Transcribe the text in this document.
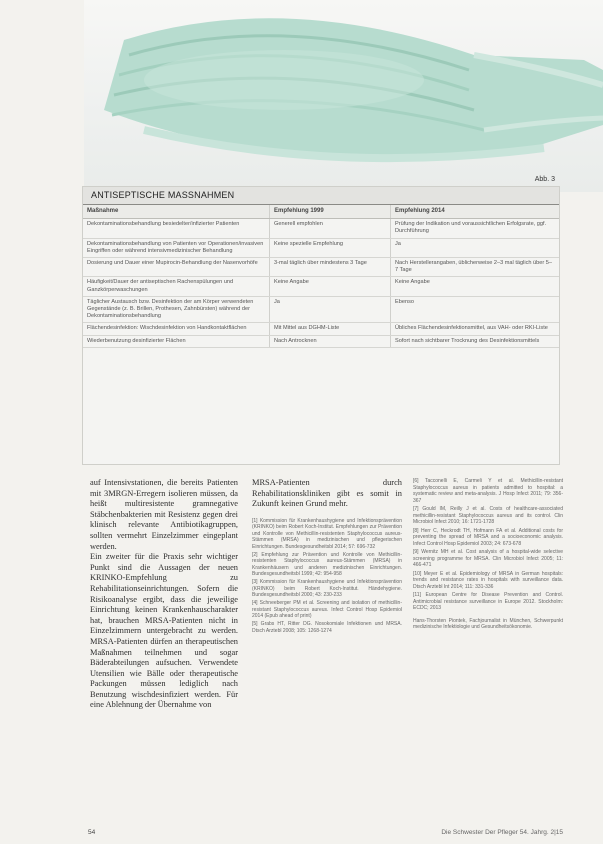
Abb. 3
ANTISEPTISCHE MASSNAHMEN
Maßnahme	Empfehlung 1999	Empfehlung 2014
Dekontaminationsbehandlung besiedelter/infizierter Patienten	Generell empfohlen	Prüfung der Indikation und voraussichtlichen Erfolgsrate, ggf. Durchführung
Dekontaminationsbehandlung von Patienten vor Operationen/invasiven Eingriffen oder während intensivmedizinischer Behandlung	Keine spezielle Empfehlung	Ja
Dosierung und Dauer einer Mupirocin-Behandlung der Nasenvorhöfe	3-mal täglich über mindestens 3 Tage	Nach Herstellerangaben, üblicherweise 2–3 mal täglich über 5–7 Tage
Häufigkeit/Dauer der antiseptischen Rachenspülungen und Ganzkörperwaschungen	Keine Angabe	Keine Angabe
Täglicher Austausch bzw. Desinfektion der am Körper verwendeten Gegenstände (z. B. Brillen, Prothesen, Zahnbürsten) während der Dekontaminationsbehandlung	Ja	Ebenso
Flächendesinfektion: Wischdesinfektion von Handkontaktflächen	Mit Mittel aus DGHM-Liste	Übliches Flächendesinfektionsmittel, aus VAH- oder RKI-Liste
Wiederbenutzung desinfizierter Flächen	Nach Antrocknen	Sofort nach sichtbarer Trocknung des Desinfektionsmittels
auf Intensivstationen, die bereits Patienten mit 3MRGN-Erregern isolieren müssen, da heißt multiresistente gramnegative Stäbchenbakterien mit Resistenz gegen drei klinisch relevante Antibiotikagruppen, sollten vermehrt Einzelzimmer eingeplant werden.
Ein zweiter für die Praxis sehr wichtiger Punkt sind die Aussagen der neuen KRINKO-Empfehlung zu Rehabilitationseinrichtungen. Sofern die Risikoanalyse ergibt, dass die jeweilige Einrichtung keinen Krankenhauscharakter hat, brauchen MRSA-Patienten nicht in Einzelzimmern untergebracht zu werden. MRSA-Patienten dürfen an therapeutischen Maßnahmen teilnehmen und sogar Bäderabteilungen aufsuchen. Verwendete Utensilien wie Bälle oder therapeutische Packungen müssen lediglich nach Benutzung wischdesinfiziert werden. Für eine Ablehnung der Übernahme von

MRSA-Patienten durch Rehabilitationskliniken gibt es somit in Zukunft keinen Grund mehr.

[1] Kommission für Krankenhaushygiene und Infektionsprävention (KRINKO) beim Robert Koch-Institut. Empfehlungen zur Prävention und Kontrolle von Methicillin-resistenten Staphylococcus aureus-Stämmen (MRSA) in medizinischen und pflegerischen Einrichtungen. Bundesgesundheitsbl 2014; 57: 696-732
[2] Empfehlung zur Prävention und Kontrolle von Methicillin-resistenten Staphylococcus aureus-Stämmen (MRSA) in Krankenhäusern und anderen medizinischen Einrichtungen. Bundesgesundheitsbl 1999; 42: 954-958
[3] Kommission für Krankenhaushygiene und Infektionsprävention (KRINKO) beim Robert Koch-Institut. Händehygiene. Bundesgesundheitsbl 2000; 43: 230-233
[4] Schneeberger PM et al. Screening and isolation of methicillin-resistant Staphylococcus aureus. Infect Control Hosp Epidemiol 2014 (Epub ahead of print)
[5] Grabs HT, Ritter DG. Nosokomiale Infektionen und MRSA. Dtsch Arztebl 2008; 105: 1268-1274
[6] Tacconelli E, Carmeli Y et al. Methicillin-resistant Staphylococcus aureus in patients admitted to hospital: a systematic review and meta-analysis. J Hosp Infect 2011; 79: 356-367
[7] Gould IM, Reilly J et al. Costs of healthcare-associated methicillin-resistant Staphylococcus aureus and its control. Clin Microbiol Infect 2010; 16: 1721-1728
[8] Herr C, Heckrodt TH, Hofmann FA et al. Additional costs for preventing the spread of MRSA and a socioeconomic analysis. Infect Control Hosp Epidemiol 2003; 24: 673-678
[9] Wernitz MH et al. Cost analysis of a hospital-wide selective screening programme for MRSA. Clin Microbiol Infect 2005; 11: 466-471
[10] Meyer E et al. Epidemiology of MRSA in German hospitals: trends and resistance rates in hospitals with surveillance data. Dtsch Arztebl Int 2014; 111: 331-336
[11] European Centre for Disease Prevention and Control. Antimicrobial resistance surveillance in Europe 2012. Stockholm: ECDC; 2013
Hans-Thorsten Piontek, Fachjournalist in München, Schwerpunkt medizinische Infektiologie und Gesundheitsökonomie.
54	Die Schwester Der Pfleger 54. Jahrg. 2|15
